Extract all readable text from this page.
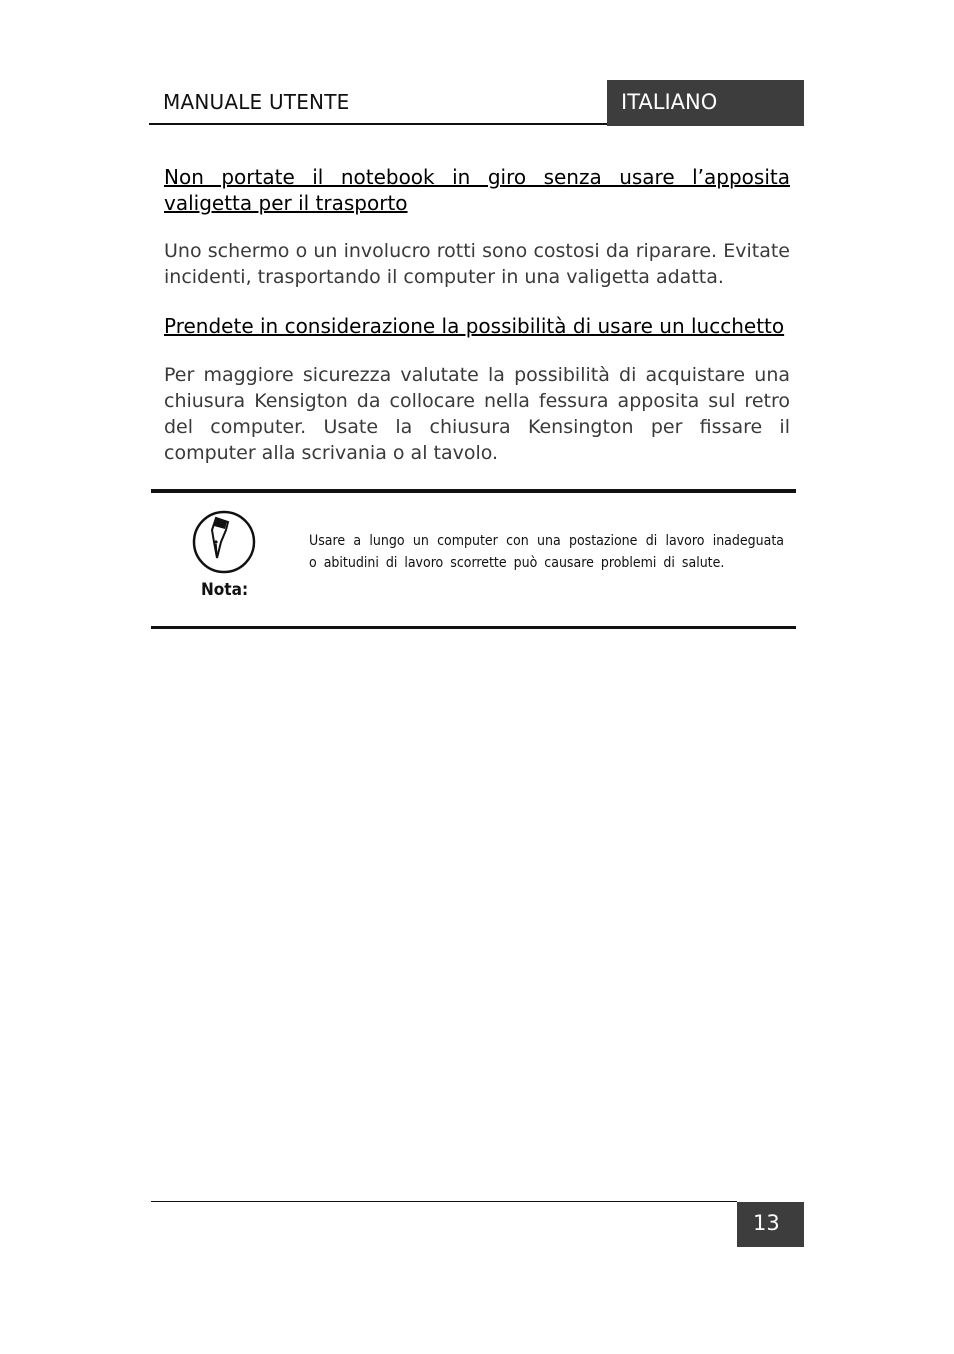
MANUALE UTENTE	ITALIANO
Non portate il notebook in giro senza usare l’apposita valigetta per il trasporto
Uno schermo o un involucro rotti sono costosi da riparare. Evitate incidenti, trasportando il computer in una valigetta adatta.
Prendete in considerazione la possibilità di usare un lucchetto
Per maggiore sicurezza valutate la possibilità di acquistare una chiusura Kensigton da collocare nella fessura apposita sul retro del computer. Usate la chiusura Kensington per fissare il computer alla scrivania o al tavolo.
Nota:
Usare a lungo un computer con una postazione di lavoro inadeguata o abitudini di lavoro scorrette può causare problemi di salute.
13
